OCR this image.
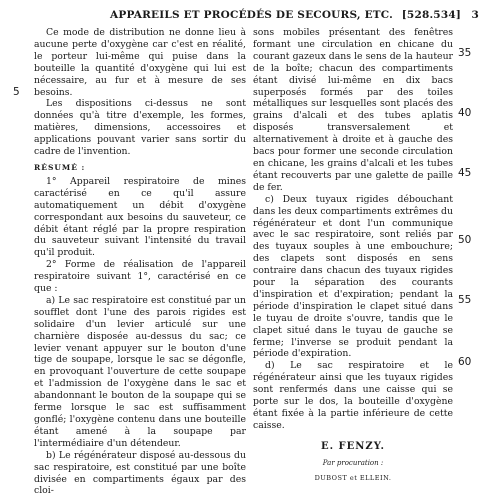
APPAREILS ET PROCÉDÉS DE SECOURS, ETC. [528.534] 3
5
35
40
45
50
55
60

Ce mode de distribution ne donne lieu à aucune perte d'oxygène car c'est en réalité, le porteur lui-même qui puise dans la bouteille la quantité d'oxygène qui lui est nécessaire, au fur et à mesure de ses besoins.

Les dispositions ci-dessus ne sont données qu'à titre d'exemple, les formes, matières, dimensions, accessoires et applications pouvant varier sans sortir du cadre de l'invention.

RÉSUMÉ :

1° Appareil respiratoire de mines caractérisé en ce qu'il assure automatiquement un débit d'oxygène correspondant aux besoins du sauveteur, ce débit étant réglé par la propre respiration du sauveteur suivant l'intensité du travail qu'il produit.

2° Forme de réalisation de l'appareil respiratoire suivant 1°, caractérisé en ce que :

a) Le sac respiratoire est constitué par un soufflet dont l'une des parois rigides est solidaire d'un levier articulé sur une charnière disposée au-dessus du sac; ce levier venant appuyer sur le bouton d'une tige de soupape, lorsque le sac se dégonfle, en provoquant l'ouverture de cette soupape et l'admission de l'oxygène dans le sac et abandonnant le bouton de la soupape qui se ferme lorsque le sac est suffisamment gonflé; l'oxygène contenu dans une bouteille étant amené à la soupape par l'intermédiaire d'un détendeur.

b) Le régénérateur disposé au-dessous du sac respiratoire, est constitué par une boîte divisée en compartiments égaux par des cloi-

sons mobiles présentant des fenêtres formant une circulation en chicane du courant gazeux dans le sens de la hauteur de la boîte; chacun des compartiments étant divisé lui-même en dix bacs superposés formés par des toiles métalliques sur lesquelles sont placés des grains d'alcali et des tubes aplatis disposés transversalement et alternativement à droite et à gauche des bacs pour former une seconde circulation en chicane, les grains d'alcali et les tubes étant recouverts par une galette de paille de fer.

c) Deux tuyaux rigides débouchant dans les deux compartiments extrêmes du régénérateur et dont l'un communique avec le sac respiratoire, sont reliés par des tuyaux souples à une embouchure; des clapets sont disposés en sens contraire dans chacun des tuyaux rigides pour la séparation des courants d'inspiration et d'expiration; pendant la période d'inspiration le clapet situé dans le tuyau de droite s'ouvre, tandis que le clapet situé dans le tuyau de gauche se ferme; l'inverse se produit pendant la période d'expiration.

d) Le sac respiratoire et le régénérateur ainsi que les tuyaux rigides sont renfermés dans une caisse qui se porte sur le dos, la bouteille d'oxygène étant fixée à la partie inférieure de cette caisse.

E. FENZY.
Par procuration :
DUBOST et ELLEIN.
